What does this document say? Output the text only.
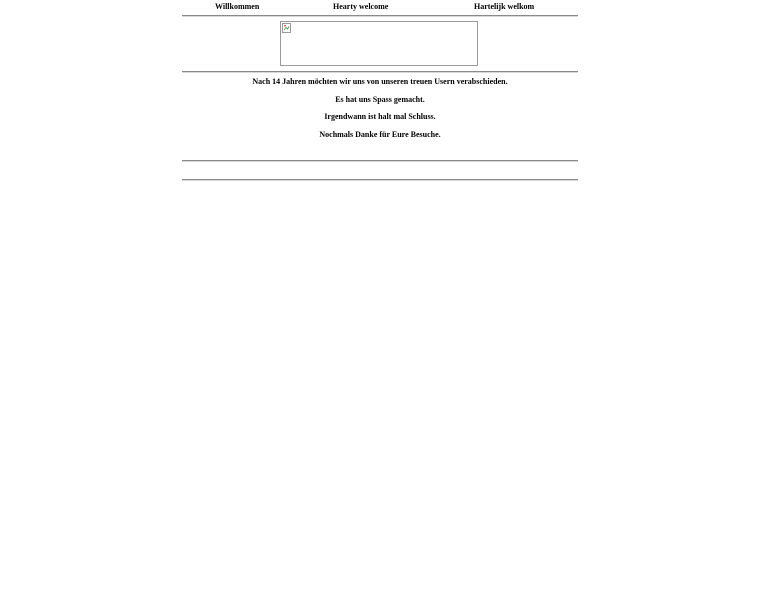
Willkommen	Hearty welcome	Hartelijk welkom

Nach 14 Jahren möchten wir uns von unseren treuen Usern verabschieden.

Es hat uns Spass gemacht.

Irgendwann ist halt mal Schluss.

Nochmals Danke für Eure Besuche.
